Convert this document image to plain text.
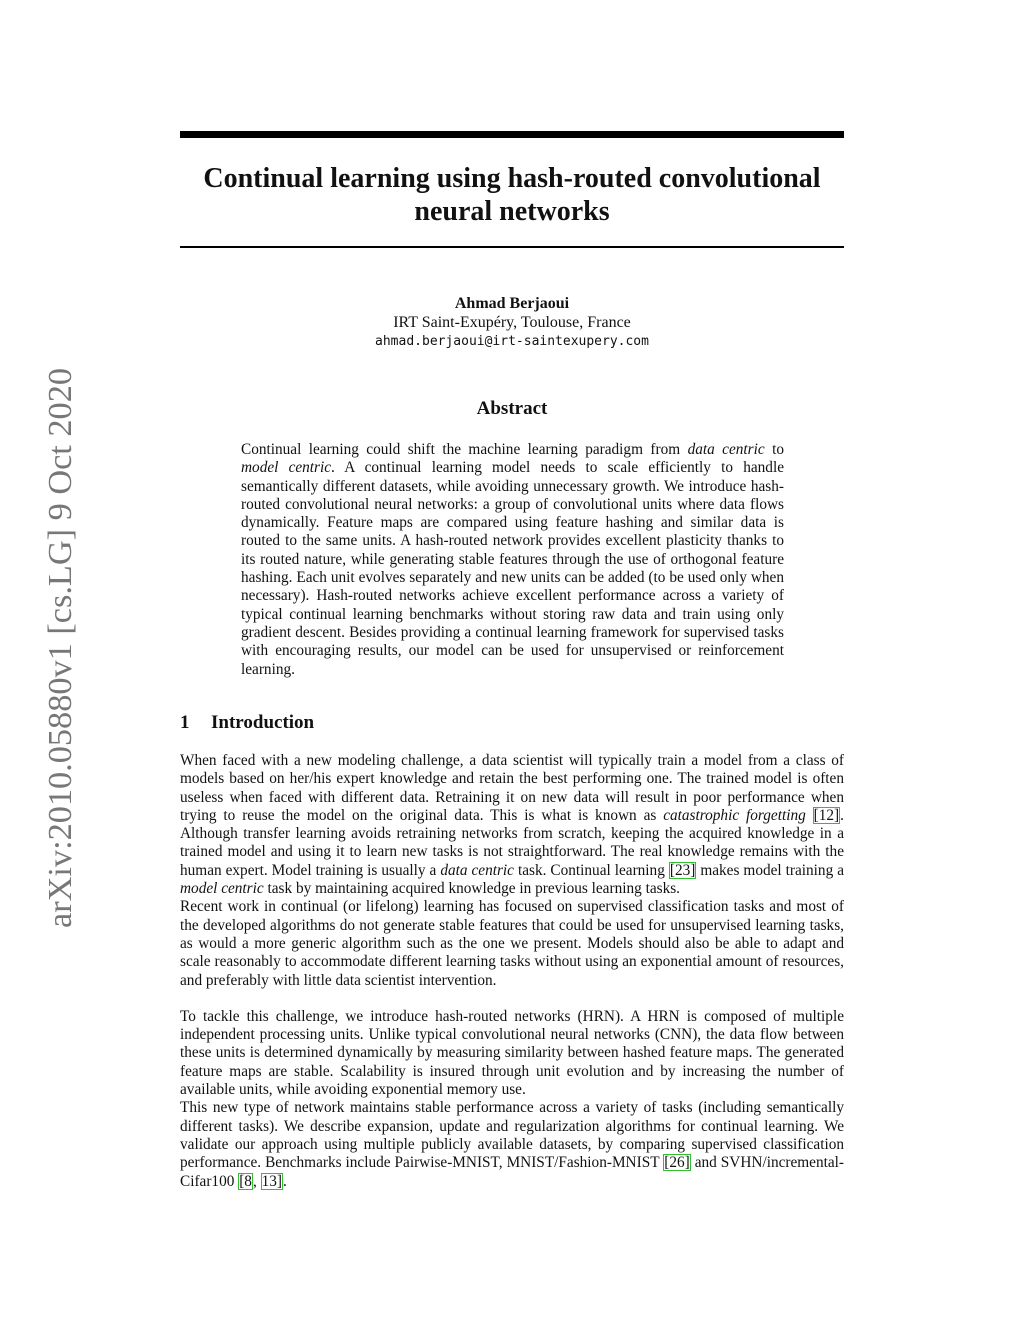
arXiv:2010.05880v1 [cs.LG] 9 Oct 2020
Continual learning using hash-routed convolutional
neural networks
Ahmad Berjaoui
IRT Saint-Exupéry, Toulouse, France
ahmad.berjaoui@irt-saintexupery.com
Abstract
Continual learning could shift the machine learning paradigm from data centric to model centric. A continual learning model needs to scale efficiently to handle semantically different datasets, while avoiding unnecessary growth. We introduce hash-routed convolutional neural networks: a group of convolutional units where data flows dynamically. Feature maps are compared using feature hashing and similar data is routed to the same units. A hash-routed network provides excellent plasticity thanks to its routed nature, while generating stable features through the use of orthogonal feature hashing. Each unit evolves separately and new units can be added (to be used only when necessary). Hash-routed networks achieve excellent performance across a variety of typical continual learning benchmarks without storing raw data and train using only gradient descent. Besides providing a continual learning framework for supervised tasks with encouraging results, our model can be used for unsupervised or reinforcement learning.
1 Introduction

When faced with a new modeling challenge, a data scientist will typically train a model from a class of models based on her/his expert knowledge and retain the best performing one. The trained model is often useless when faced with different data. Retraining it on new data will result in poor performance when trying to reuse the model on the original data. This is what is known as catastrophic forgetting [12]. Although transfer learning avoids retraining networks from scratch, keeping the acquired knowledge in a trained model and using it to learn new tasks is not straightforward. The real knowledge remains with the human expert. Model training is usually a data centric task. Continual learning [23] makes model training a model centric task by maintaining acquired knowledge in previous learning tasks.

Recent work in continual (or lifelong) learning has focused on supervised classification tasks and most of the developed algorithms do not generate stable features that could be used for unsupervised learning tasks, as would a more generic algorithm such as the one we present. Models should also be able to adapt and scale reasonably to accommodate different learning tasks without using an exponential amount of resources, and preferably with little data scientist intervention.

To tackle this challenge, we introduce hash-routed networks (HRN). A HRN is composed of multiple independent processing units. Unlike typical convolutional neural networks (CNN), the data flow between these units is determined dynamically by measuring similarity between hashed feature maps. The generated feature maps are stable. Scalability is insured through unit evolution and by increasing the number of available units, while avoiding exponential memory use.

This new type of network maintains stable performance across a variety of tasks (including semantically different tasks). We describe expansion, update and regularization algorithms for continual learning. We validate our approach using multiple publicly available datasets, by comparing supervised classification performance. Benchmarks include Pairwise-MNIST, MNIST/Fashion-MNIST [26] and SVHN/incremental-Cifar100 [8, 13].
